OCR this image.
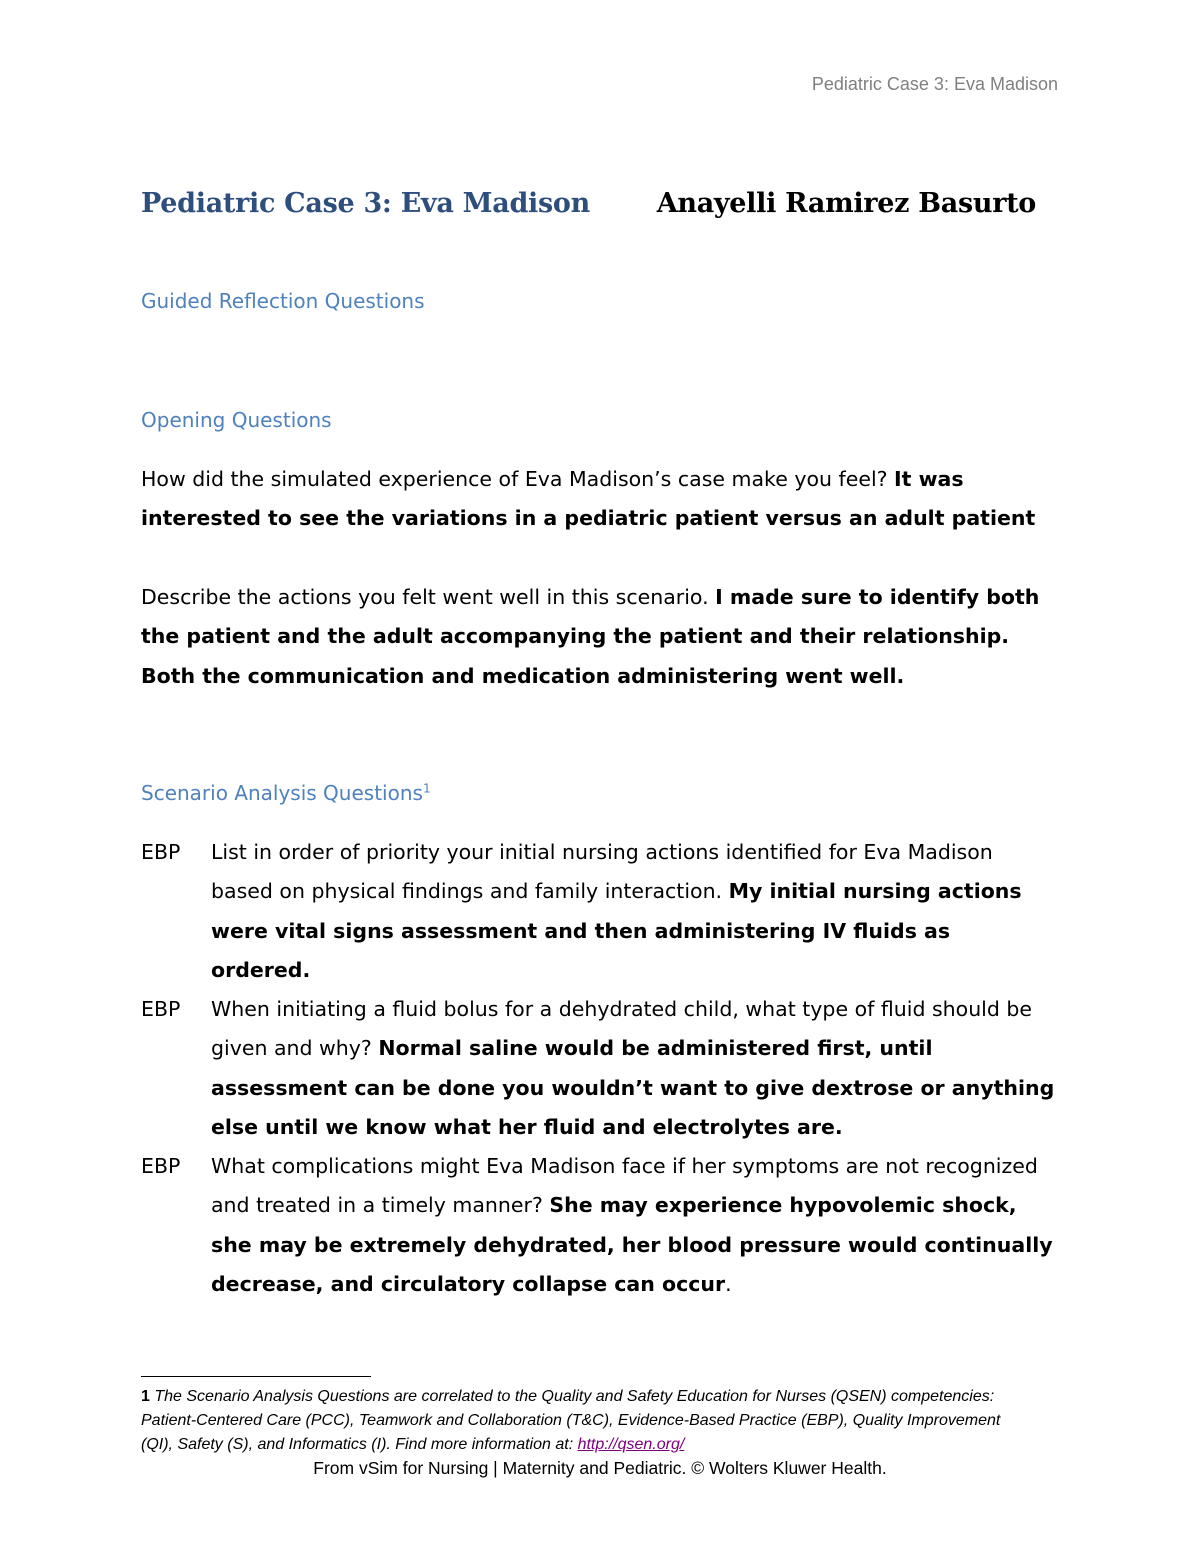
Pediatric Case 3: Eva Madison
Pediatric Case 3: Eva Madison Anayelli Ramirez Basurto
Guided Reflection Questions
Opening Questions
How did the simulated experience of Eva Madison’s case make you feel? It was interested to see the variations in a pediatric patient versus an adult patient
Describe the actions you felt went well in this scenario. I made sure to identify both the patient and the adult accompanying the patient and their relationship. Both the communication and medication administering went well.
Scenario Analysis Questions$^1$
EBP	List in order of priority your initial nursing actions identified for Eva Madison based on physical findings and family interaction. My initial nursing actions were vital signs assessment and then administering IV fluids as ordered.
EBP	When initiating a fluid bolus for a dehydrated child, what type of fluid should be given and why? Normal saline would be administered first, until assessment can be done you wouldn’t want to give dextrose or anything else until we know what her fluid and electrolytes are.
EBP	What complications might Eva Madison face if her symptoms are not recognized and treated in a timely manner? She may experience hypovolemic shock, she may be extremely dehydrated, her blood pressure would continually decrease, and circulatory collapse can occur.
1 The Scenario Analysis Questions are correlated to the Quality and Safety Education for Nurses (QSEN) competencies: Patient-Centered Care (PCC), Teamwork and Collaboration (T&C), Evidence-Based Practice (EBP), Quality Improvement (QI), Safety (S), and Informatics (I). Find more information at: http://qsen.org/
From vSim for Nursing | Maternity and Pediatric. © Wolters Kluwer Health.
